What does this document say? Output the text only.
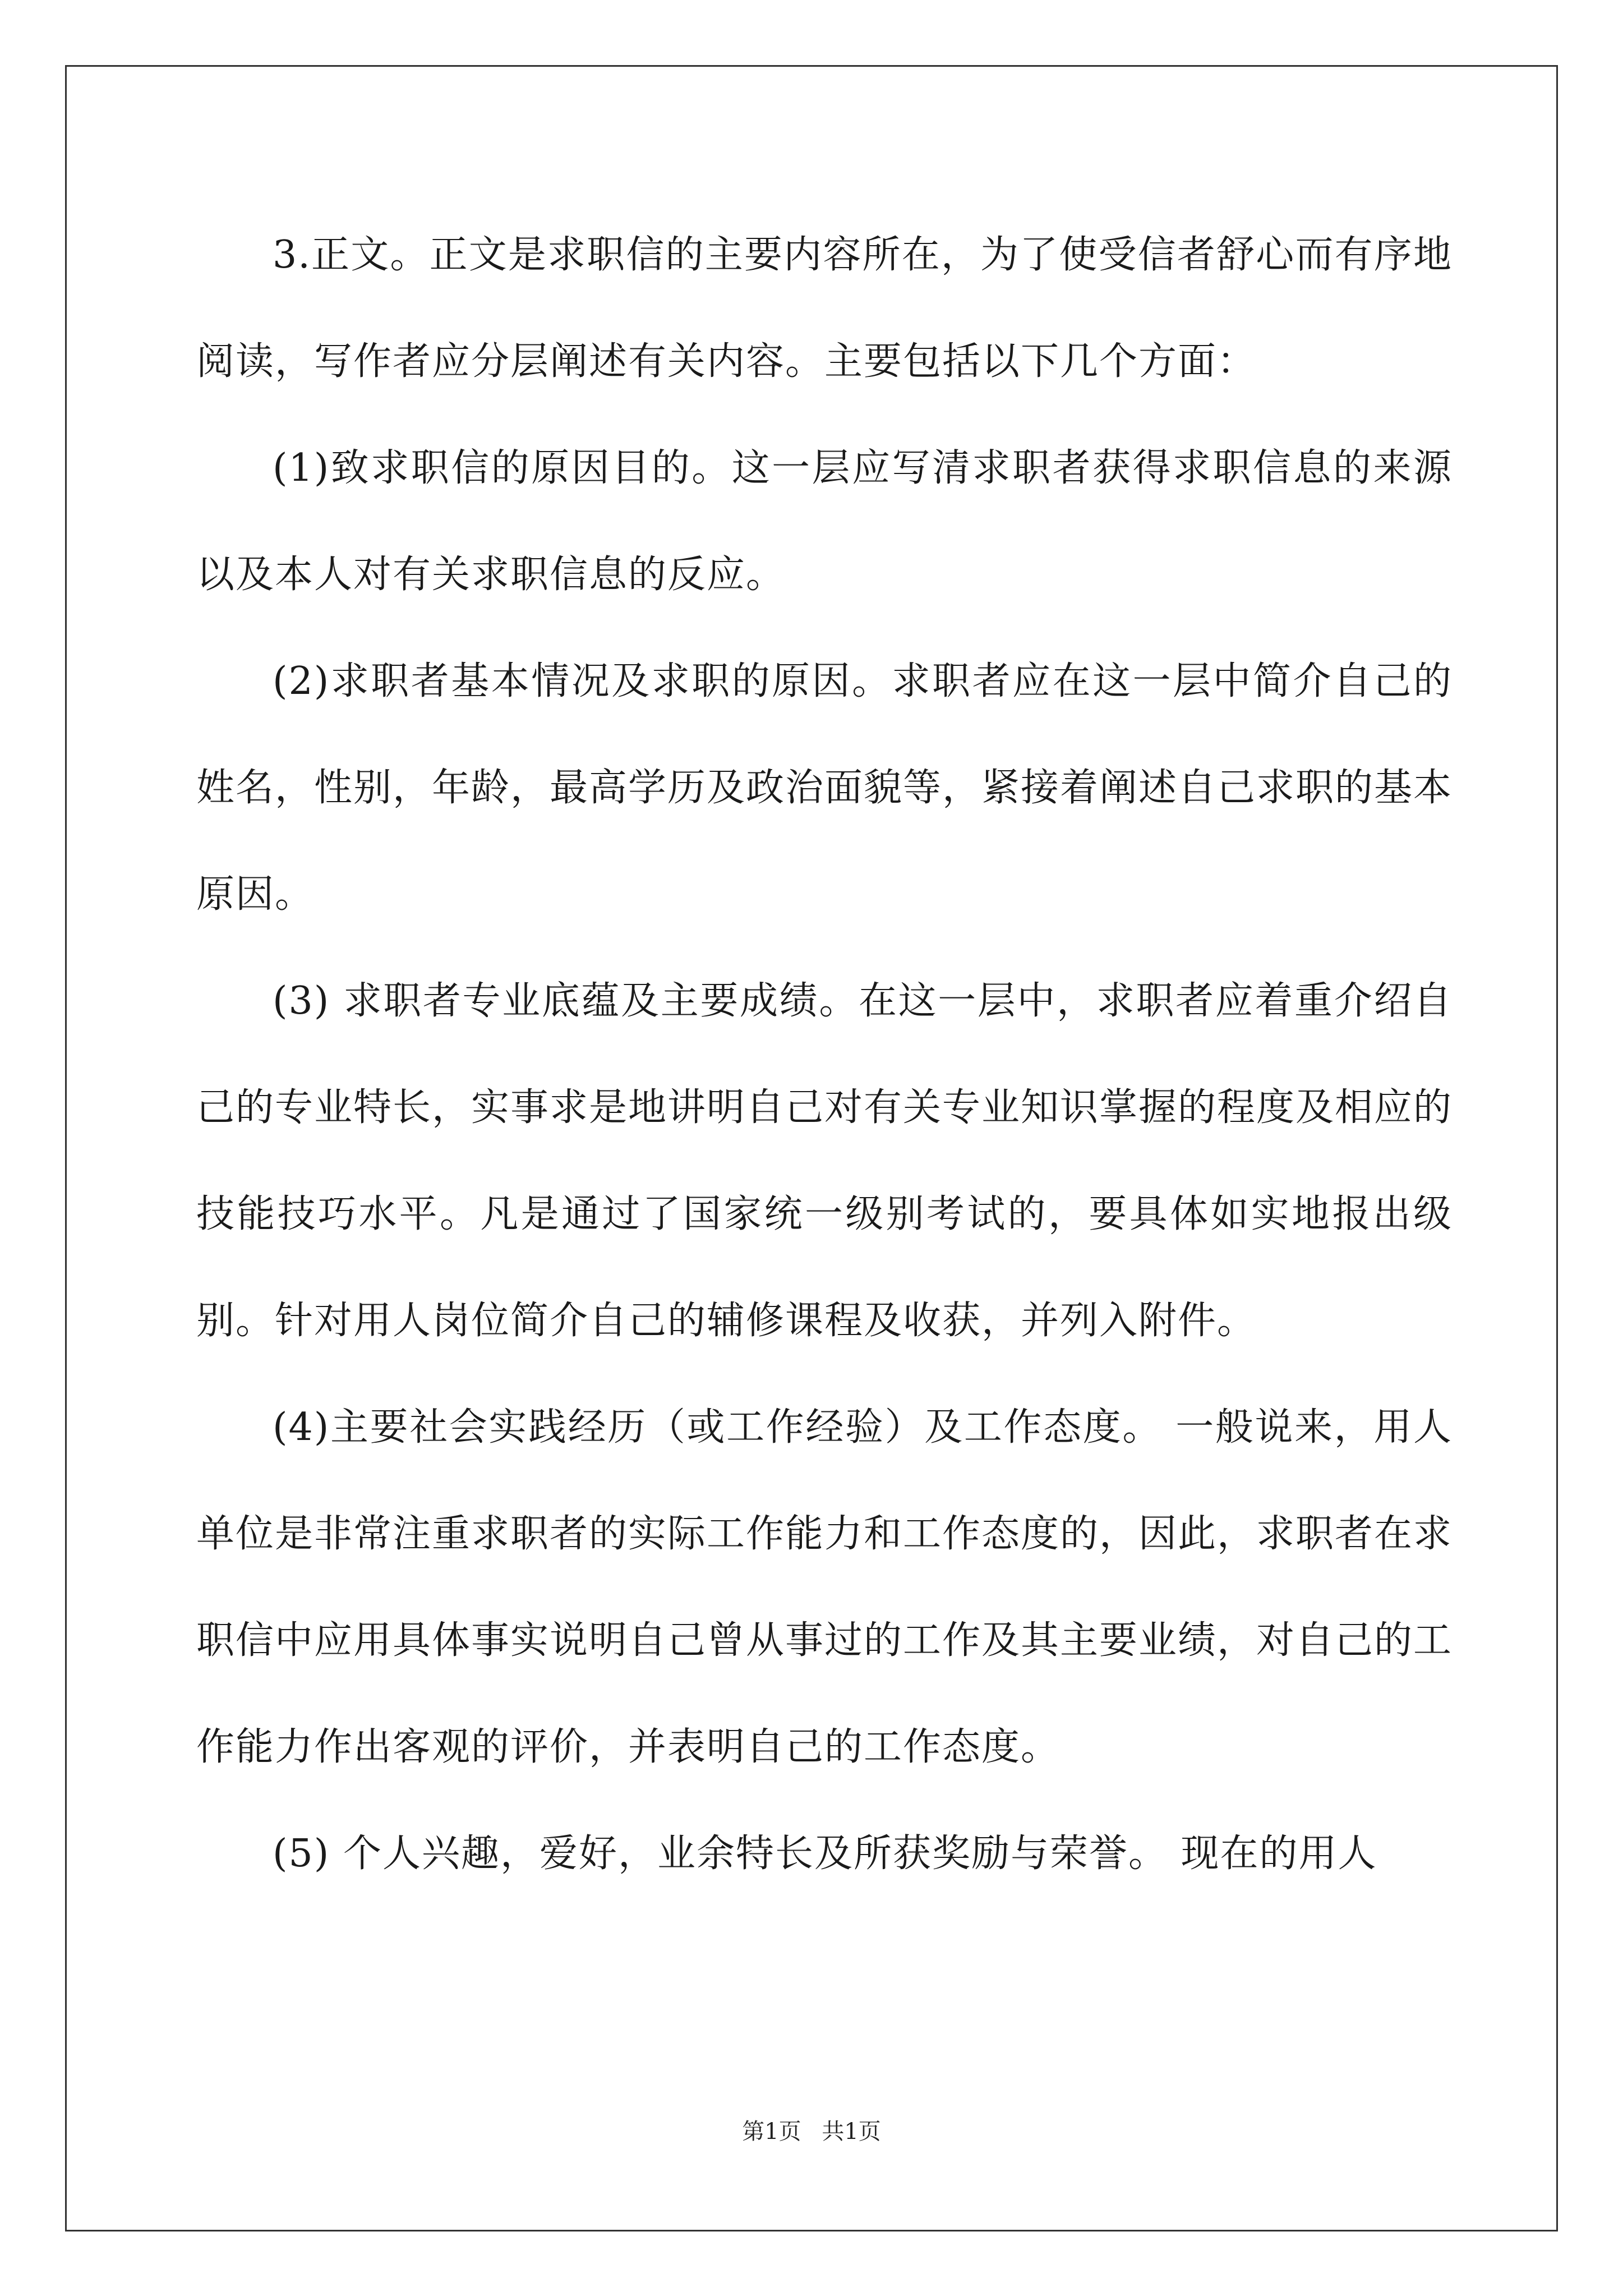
3.正文。正文是求职信的主要内容所在，为了使受信者舒心而有序地阅读，写作者应分层阐述有关内容。主要包括以下几个方面：

(1)致求职信的原因目的。这一层应写清求职者获得求职信息的来源以及本人对有关求职信息的反应。

(2)求职者基本情况及求职的原因。求职者应在这一层中简介自己的姓名，性别，年龄，最高学历及政治面貌等，紧接着阐述自己求职的基本原因。

(3) 求职者专业底蕴及主要成绩。在这一层中，求职者应着重介绍自己的专业特长，实事求是地讲明自己对有关专业知识掌握的程度及相应的技能技巧水平。凡是通过了国家统一级别考试的，要具体如实地报出级别。针对用人岗位简介自己的辅修课程及收获，并列入附件。

(4)主要社会实践经历（或工作经验）及工作态度。 一般说来，用人单位是非常注重求职者的实际工作能力和工作态度的，因此，求职者在求职信中应用具体事实说明自己曾从事过的工作及其主要业绩，对自己的工作能力作出客观的评价，并表明自己的工作态度。

(5) 个人兴趣，爱好，业余特长及所获奖励与荣誉。 现在的用人

第1页 共1页
